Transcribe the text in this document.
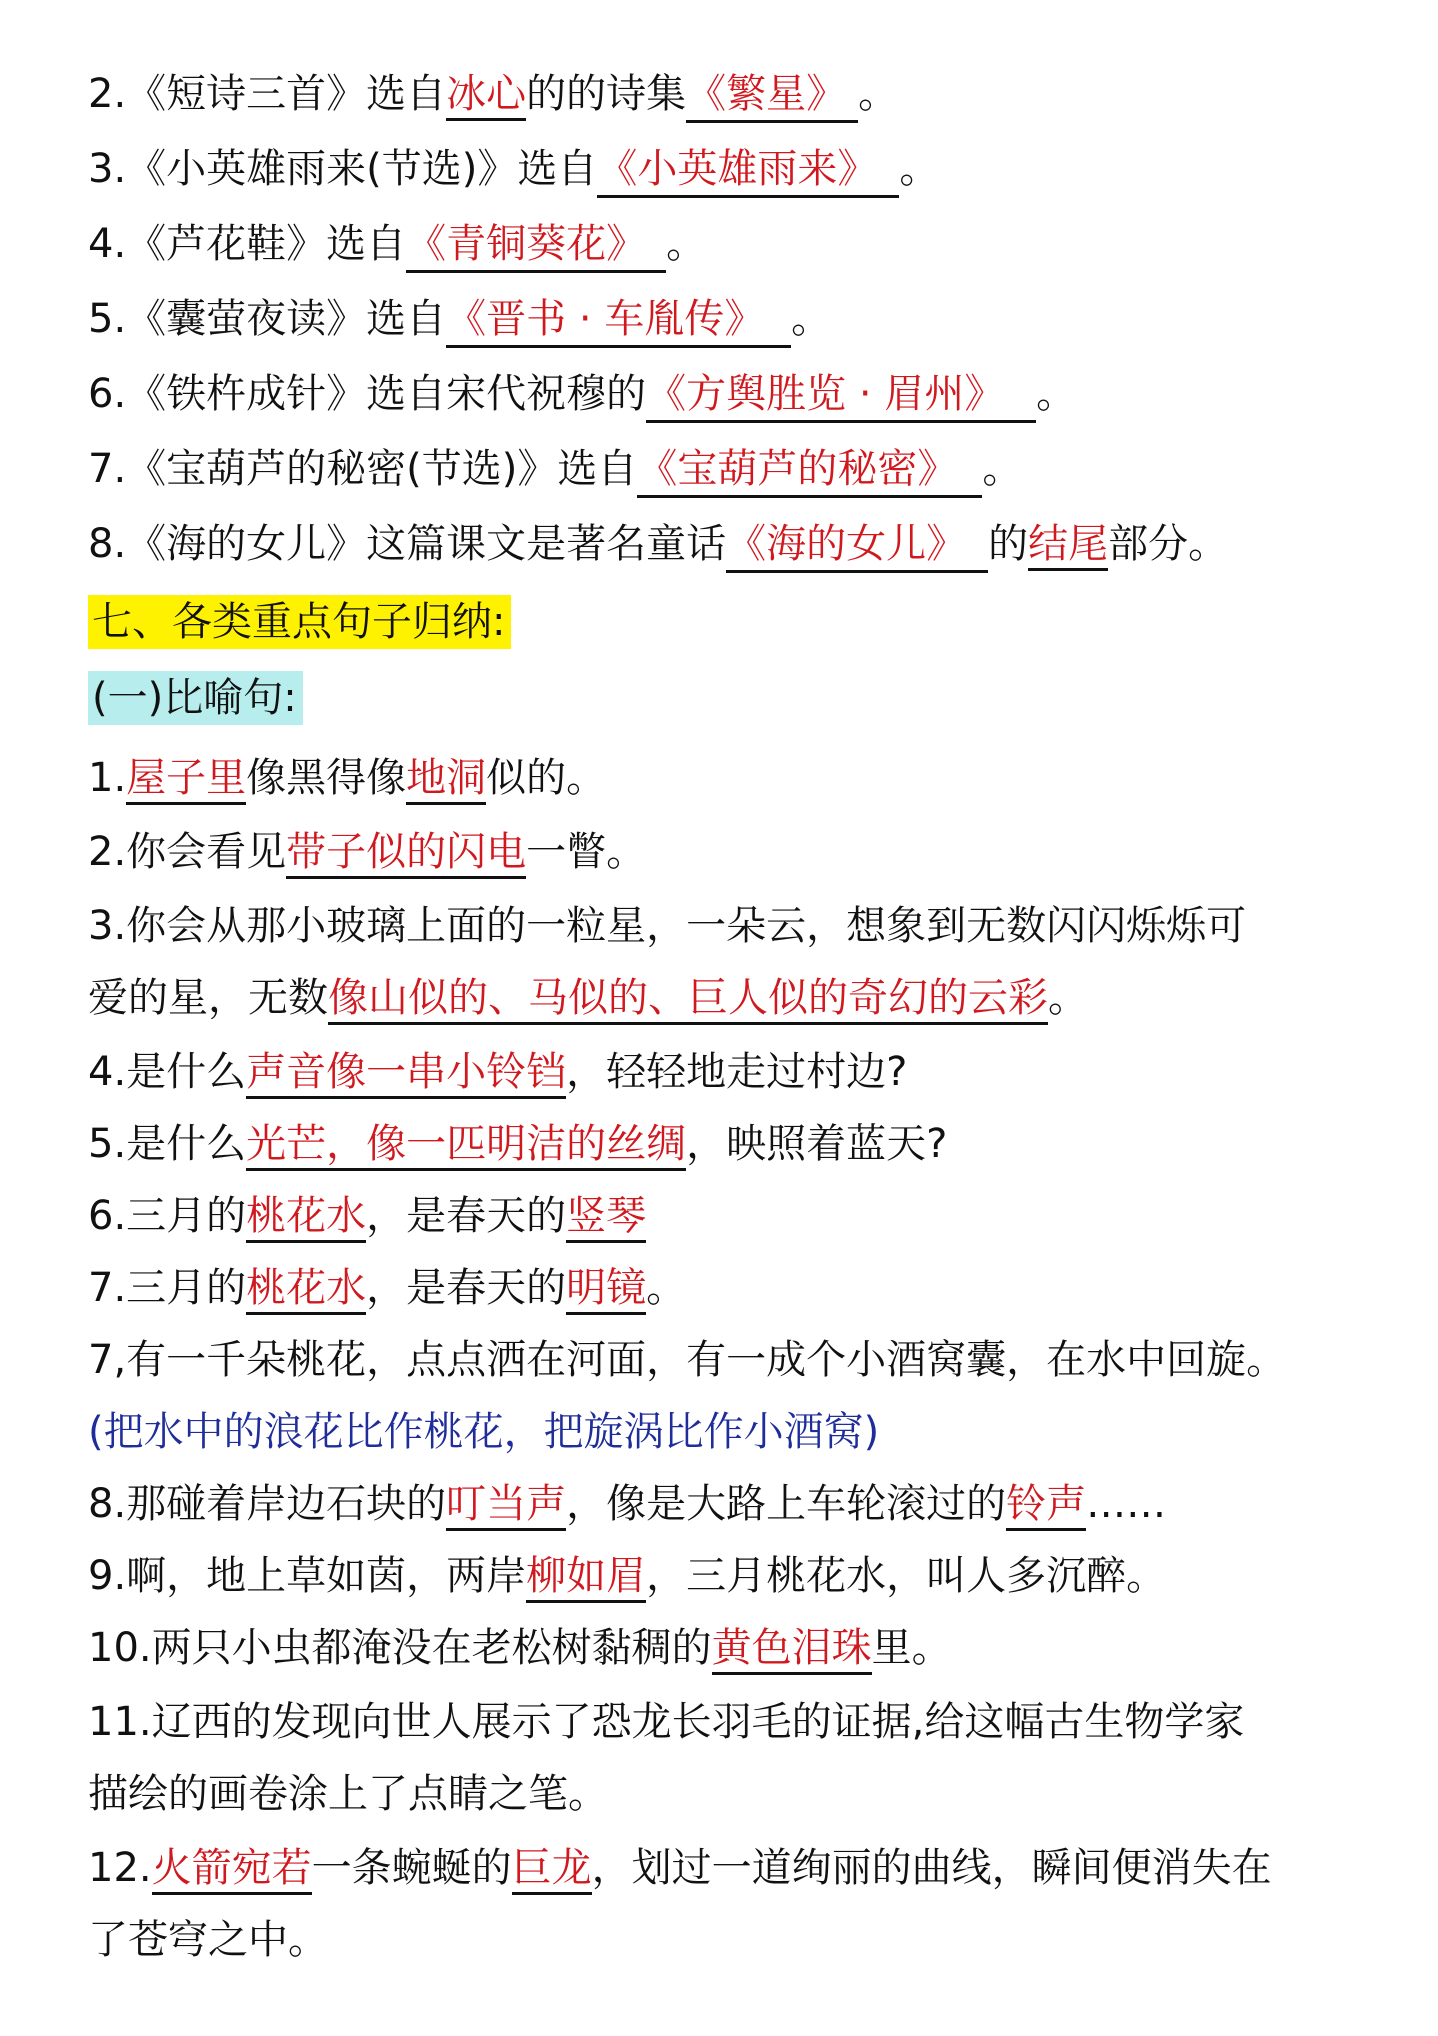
2.《短诗三首》选自冰心的的诗集《繁星》 。
3.《小英雄雨来(节选)》选自《小英雄雨来》 。
4.《芦花鞋》选自《青铜葵花》 。
5.《囊萤夜读》选自《晋书 · 车胤传》 。
6.《铁杵成针》选自宋代祝穆的《方舆胜览 · 眉州》 。
7.《宝葫芦的秘密(节选)》选自《宝葫芦的秘密》 。
8.《海的女儿》这篇课文是著名童话《海的女儿》 的结尾部分。
七、各类重点句子归纳:
(一)比喻句:
1.屋子里像黑得像地洞似的。
2.你会看见带子似的闪电一瞥。
3.你会从那小玻璃上面的一粒星，一朵云，想象到无数闪闪烁烁可
爱的星，无数像山似的、马似的、巨人似的奇幻的云彩。
4.是什么声音像一串小铃铛，轻轻地走过村边?
5.是什么光芒，像一匹明洁的丝绸，映照着蓝天?
6.三月的桃花水，是春天的竖琴
7.三月的桃花水，是春天的明镜。
7,有一千朵桃花，点点洒在河面，有一成个小酒窝囊，在水中回旋。
(把水中的浪花比作桃花，把旋涡比作小酒窝)
8.那碰着岸边石块的叮当声，像是大路上车轮滚过的铃声……
9.啊，地上草如茵，两岸柳如眉，三月桃花水，叫人多沉醉。
10.两只小虫都淹没在老松树黏稠的黄色泪珠里。
11.辽西的发现向世人展示了恐龙长羽毛的证据,给这幅古生物学家
描绘的画卷涂上了点睛之笔。
12.火箭宛若一条蜿蜒的巨龙，划过一道绚丽的曲线，瞬间便消失在
了苍穹之中。
